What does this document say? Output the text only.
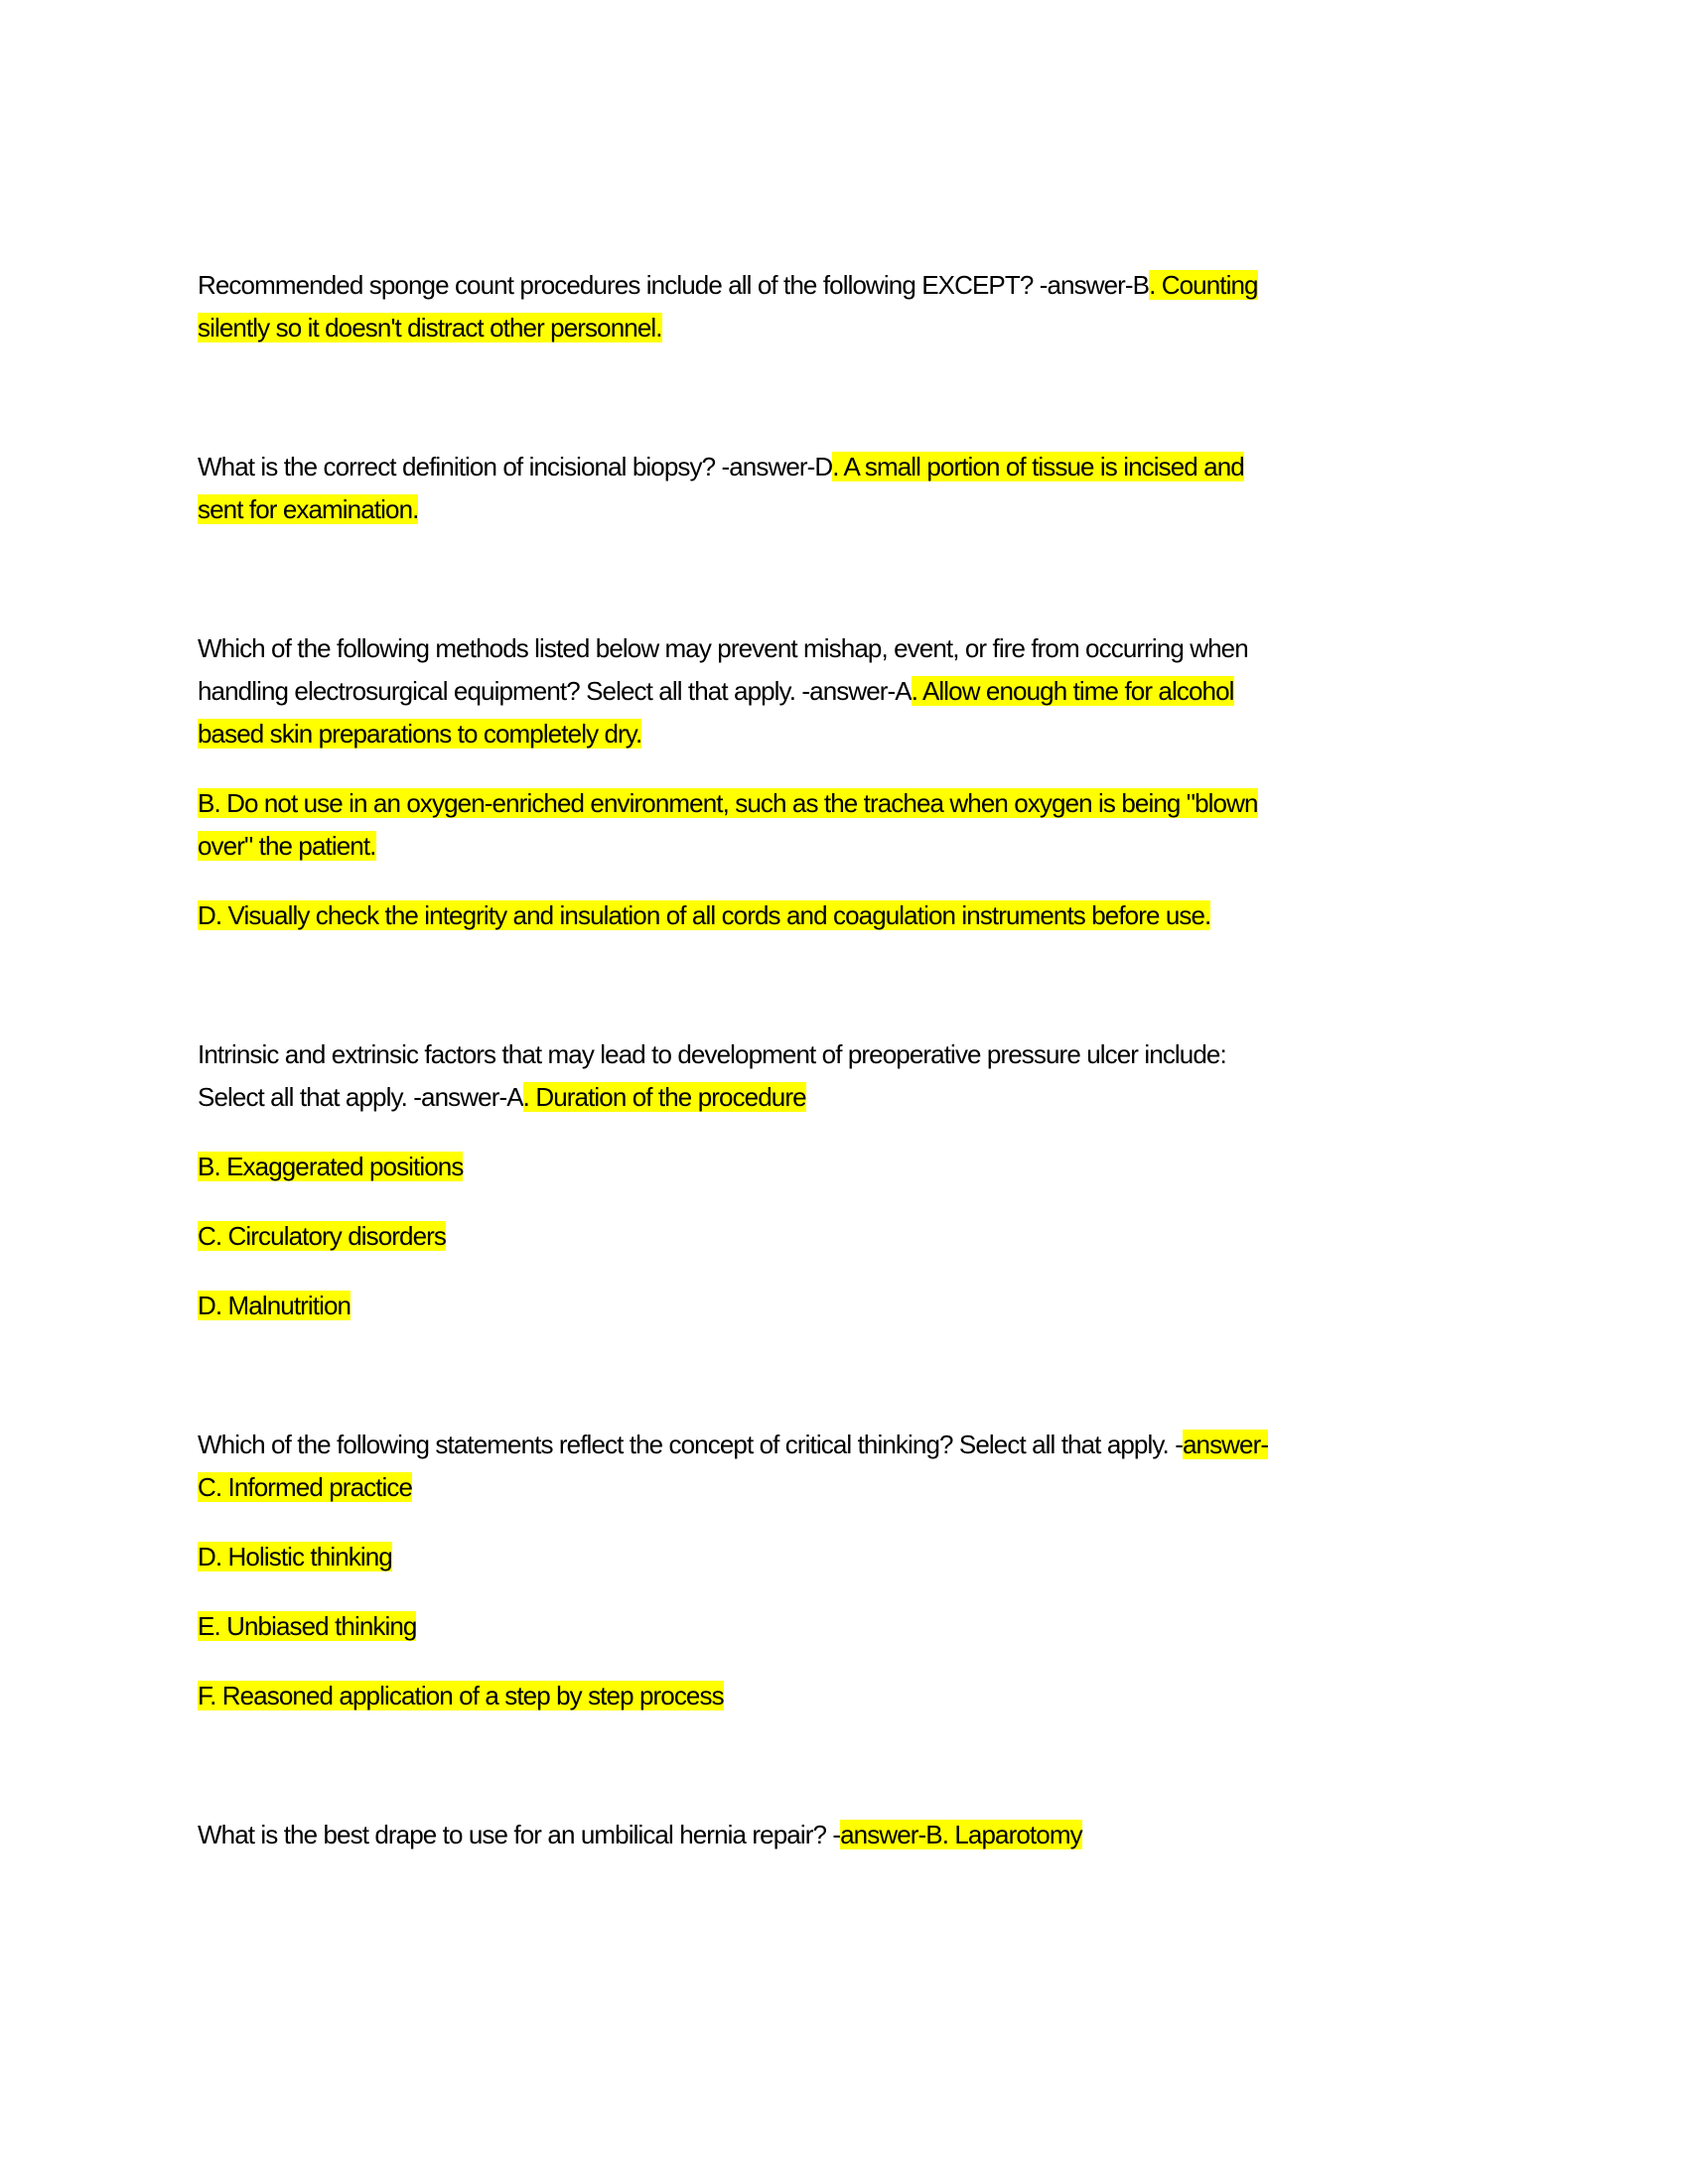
Recommended sponge count procedures include all of the following EXCEPT? -answer-B. Counting
silently so it doesn't distract other personnel.

What is the correct definition of incisional biopsy? -answer-D. A small portion of tissue is incised and
sent for examination.

Which of the following methods listed below may prevent mishap, event, or fire from occurring when
handling electrosurgical equipment? Select all that apply. -answer-A. Allow enough time for alcohol
based skin preparations to completely dry.

B. Do not use in an oxygen-enriched environment, such as the trachea when oxygen is being "blown
over" the patient.

D. Visually check the integrity and insulation of all cords and coagulation instruments before use.

Intrinsic and extrinsic factors that may lead to development of preoperative pressure ulcer include:
Select all that apply. -answer-A. Duration of the procedure

B. Exaggerated positions

C. Circulatory disorders

D. Malnutrition

Which of the following statements reflect the concept of critical thinking? Select all that apply. -answer-
C. Informed practice

D. Holistic thinking

E. Unbiased thinking

F. Reasoned application of a step by step process

What is the best drape to use for an umbilical hernia repair? -answer-B. Laparotomy
